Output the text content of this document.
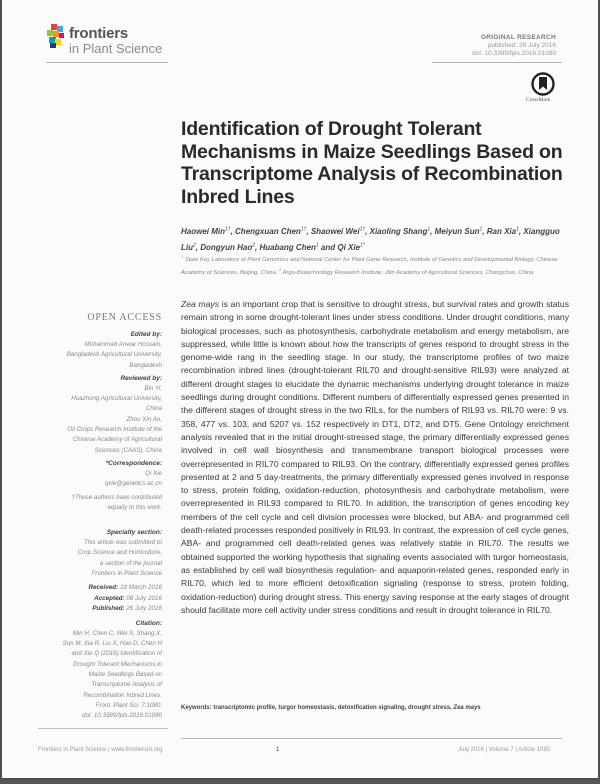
frontiers
in Plant Science
ORIGINAL RESEARCH
published: 26 July 2016
doi: 10.3389/fpls.2016.01080
CrossMark
Identification of Drought Tolerant Mechanisms in Maize Seedlings Based on Transcriptome Analysis of Recombination Inbred Lines
Haowei Min$^{1\dagger}$, Chengxuan Chen$^{1\dagger}$, Shaowei Wei$^{1\dagger}$, Xiaoling Shang$^1$, Meiyun Sun$^1$, Ran Xia$^1$, Xiangguo Liu$^2$, Dongyun Hao$^2$, Huabang Chen$^1$ and Qi Xie$^{1*}$
$^1$ State Key Laboratory of Plant Genomics and National Center for Plant Gene Research, Institute of Genetics and Developmental Biology, Chinese Academy of Sciences, Beijing, China, $^2$ Argo-Biotechnology Research Institute, Jilin Academy of Agricultural Sciences, Changchun, China
OPEN ACCESS
Edited by:
Mohammad Anwar Hossain,
Bangladesh Agricultural University,
Bangladesh
Reviewed by:
Bin Yi,
Huazhong Agricultural University,
China
Zhou Xin An,
Oil Crops Research Institute of the
Chinese Academy of Agricultural
Sciences (CAAS), China
*Correspondence:
Qi Xie
qxie@genetics.ac.cn
†These authors have contributed
equally to this work.
Specialty section:
This article was submitted to
Crop Science and Horticulture,
a section of the journal
Frontiers in Plant Science
Received: 18 March 2016
Accepted: 08 July 2016
Published: 26 July 2016
Citation:
Min H, Chen C, Wei S, Shang X,
Sun M, Xia R, Liu X, Hao D, Chen H
and Xie Q (2016) Identification of
Drought Tolerant Mechanisms in
Maize Seedlings Based on
Transcriptome Analysis of
Recombination Inbred Lines.
Front. Plant Sci. 7:1080.
doi: 10.3389/fpls.2016.01080
Zea mays is an important crop that is sensitive to drought stress, but survival rates and growth status remain strong in some drought-tolerant lines under stress conditions. Under drought conditions, many biological processes, such as photosynthesis, carbohydrate metabolism and energy metabolism, are suppressed, while little is known about how the transcripts of genes respond to drought stress in the genome-wide rang in the seedling stage. In our study, the transcriptome profiles of two maize recombination inbred lines (drought-tolerant RIL70 and drought-sensitive RIL93) were analyzed at different drought stages to elucidate the dynamic mechanisms underlying drought tolerance in maize seedlings during drought conditions. Different numbers of differentially expressed genes presented in the different stages of drought stress in the two RILs, for the numbers of RIL93 vs. RIL70 were: 9 vs. 358, 477 vs. 103, and 5207 vs. 152 respectively in DT1, DT2, and DT5. Gene Ontology enrichment analysis revealed that in the initial drought-stressed stage, the primary differentially expressed genes involved in cell wall biosynthesis and transmembrane transport biological processes were overrepresented in RIL70 compared to RIL93. On the contrary, differentially expressed genes profiles presented at 2 and 5 day-treatments, the primary differentially expressed genes involved in response to stress, protein folding, oxidation-reduction, photosynthesis and carbohydrate metabolism, were overrepresented in RIL93 compared to RIL70. In addition, the transcription of genes encoding key members of the cell cycle and cell division processes were blocked, but ABA- and programmed cell death-related processes responded positively in RIL93. In contrast, the expression of cell cycle genes, ABA- and programmed cell death-related genes was relatively stable in RIL70. The results we obtained supported the working hypothesis that signaling events associated with turgor homeostasis, as established by cell wall biosynthesis regulation- and aquaporin-related genes, responded early in RIL70, which led to more efficient detoxification signaling (response to stress, protein folding, oxidation-reduction) during drought stress. This energy saving response at the early stages of drought should facilitate more cell activity under stress conditions and result in drought tolerance in RIL70.
Keywords: transcriptomic profile, turgor homeostasis, detoxification signaling, drought stress, Zea mays
Frontiers in Plant Science | www.frontiersin.org	1	July 2016 | Volume 7 | Article 1080
